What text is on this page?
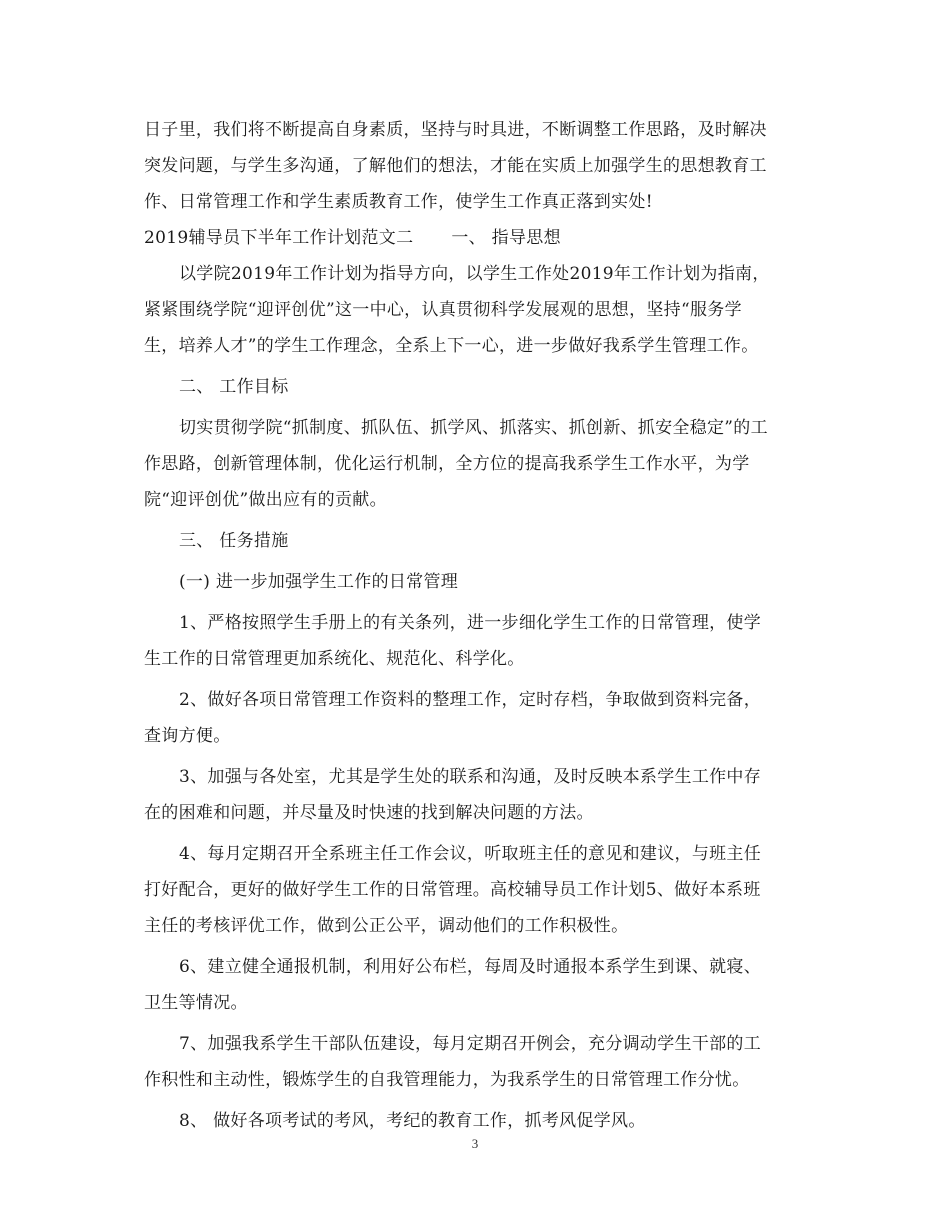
日子里，我们将不断提高自身素质，坚持与时具进，不断调整工作思路，及时解决
突发问题，与学生多沟通，了解他们的想法，才能在实质上加强学生的思想教育工
作、日常管理工作和学生素质教育工作，使学生工作真正落到实处!
2019辅导员下半年工作计划范文二 一、 指导思想
以学院2019年工作计划为指导方向，以学生工作处2019年工作计划为指南，
紧紧围绕学院“迎评创优”这一中心，认真贯彻科学发展观的思想，坚持“服务学
生，培养人才”的学生工作理念，全系上下一心，进一步做好我系学生管理工作。
二、 工作目标
切实贯彻学院“抓制度、抓队伍、抓学风、抓落实、抓创新、抓安全稳定”的工
作思路，创新管理体制，优化运行机制，全方位的提高我系学生工作水平，为学
院“迎评创优”做出应有的贡献。
三、 任务措施
(一) 进一步加强学生工作的日常管理
1、严格按照学生手册上的有关条列，进一步细化学生工作的日常管理，使学
生工作的日常管理更加系统化、规范化、科学化。
2、做好各项日常管理工作资料的整理工作，定时存档，争取做到资料完备，
查询方便。
3、加强与各处室，尤其是学生处的联系和沟通，及时反映本系学生工作中存
在的困难和问题，并尽量及时快速的找到解决问题的方法。
4、每月定期召开全系班主任工作会议，听取班主任的意见和建议，与班主任
打好配合，更好的做好学生工作的日常管理。高校辅导员工作计划5、做好本系班
主任的考核评优工作，做到公正公平，调动他们的工作积极性。
6、建立健全通报机制，利用好公布栏，每周及时通报本系学生到课、就寝、
卫生等情况。
7、加强我系学生干部队伍建设，每月定期召开例会，充分调动学生干部的工
作积性和主动性，锻炼学生的自我管理能力，为我系学生的日常管理工作分忧。
8、 做好各项考试的考风，考纪的教育工作，抓考风促学风。
3
